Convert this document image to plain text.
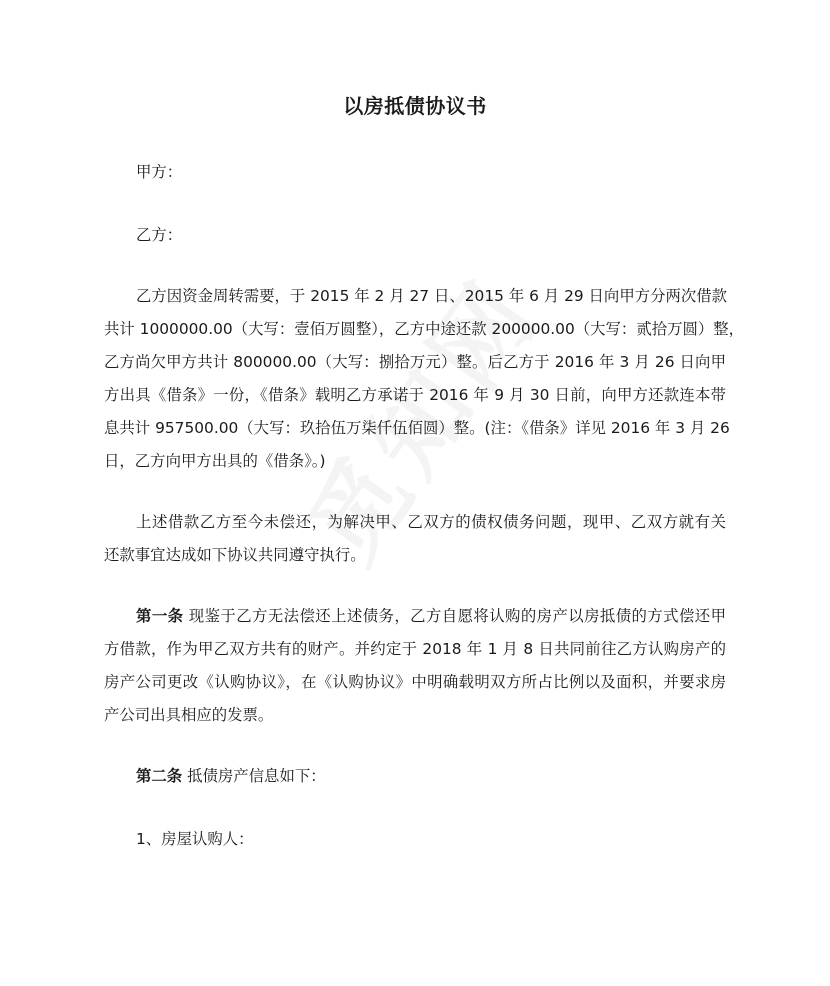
以房抵债协议书
甲方：
乙方：
乙方因资金周转需要，于 2015 年 2 月 27 日、2015 年 6 月 29 日向甲方分两次借款
共计 1000000.00（大写：壹佰万圆整），乙方中途还款 200000.00（大写：贰拾万圆）整，
乙方尚欠甲方共计 800000.00（大写：捌拾万元）整。后乙方于 2016 年 3 月 26 日向甲
方出具《借条》一份，《借条》载明乙方承诺于 2016 年 9 月 30 日前，向甲方还款连本带
息共计 957500.00（大写：玖拾伍万柒仟伍佰圆）整。(注：《借条》详见 2016 年 3 月 26
日，乙方向甲方出具的《借条》。)
上述借款乙方至今未偿还，为解决甲、乙双方的债权债务问题，现甲、乙双方就有关
还款事宜达成如下协议共同遵守执行。
第一条 现鉴于乙方无法偿还上述债务，乙方自愿将认购的房产以房抵债的方式偿还甲
方借款，作为甲乙双方共有的财产。并约定于 2018 年 1 月 8 日共同前往乙方认购房产的
房产公司更改《认购协议》，在《认购协议》中明确载明双方所占比例以及面积，并要求房
产公司出具相应的发票。
第二条 抵债房产信息如下：
1、房屋认购人：
